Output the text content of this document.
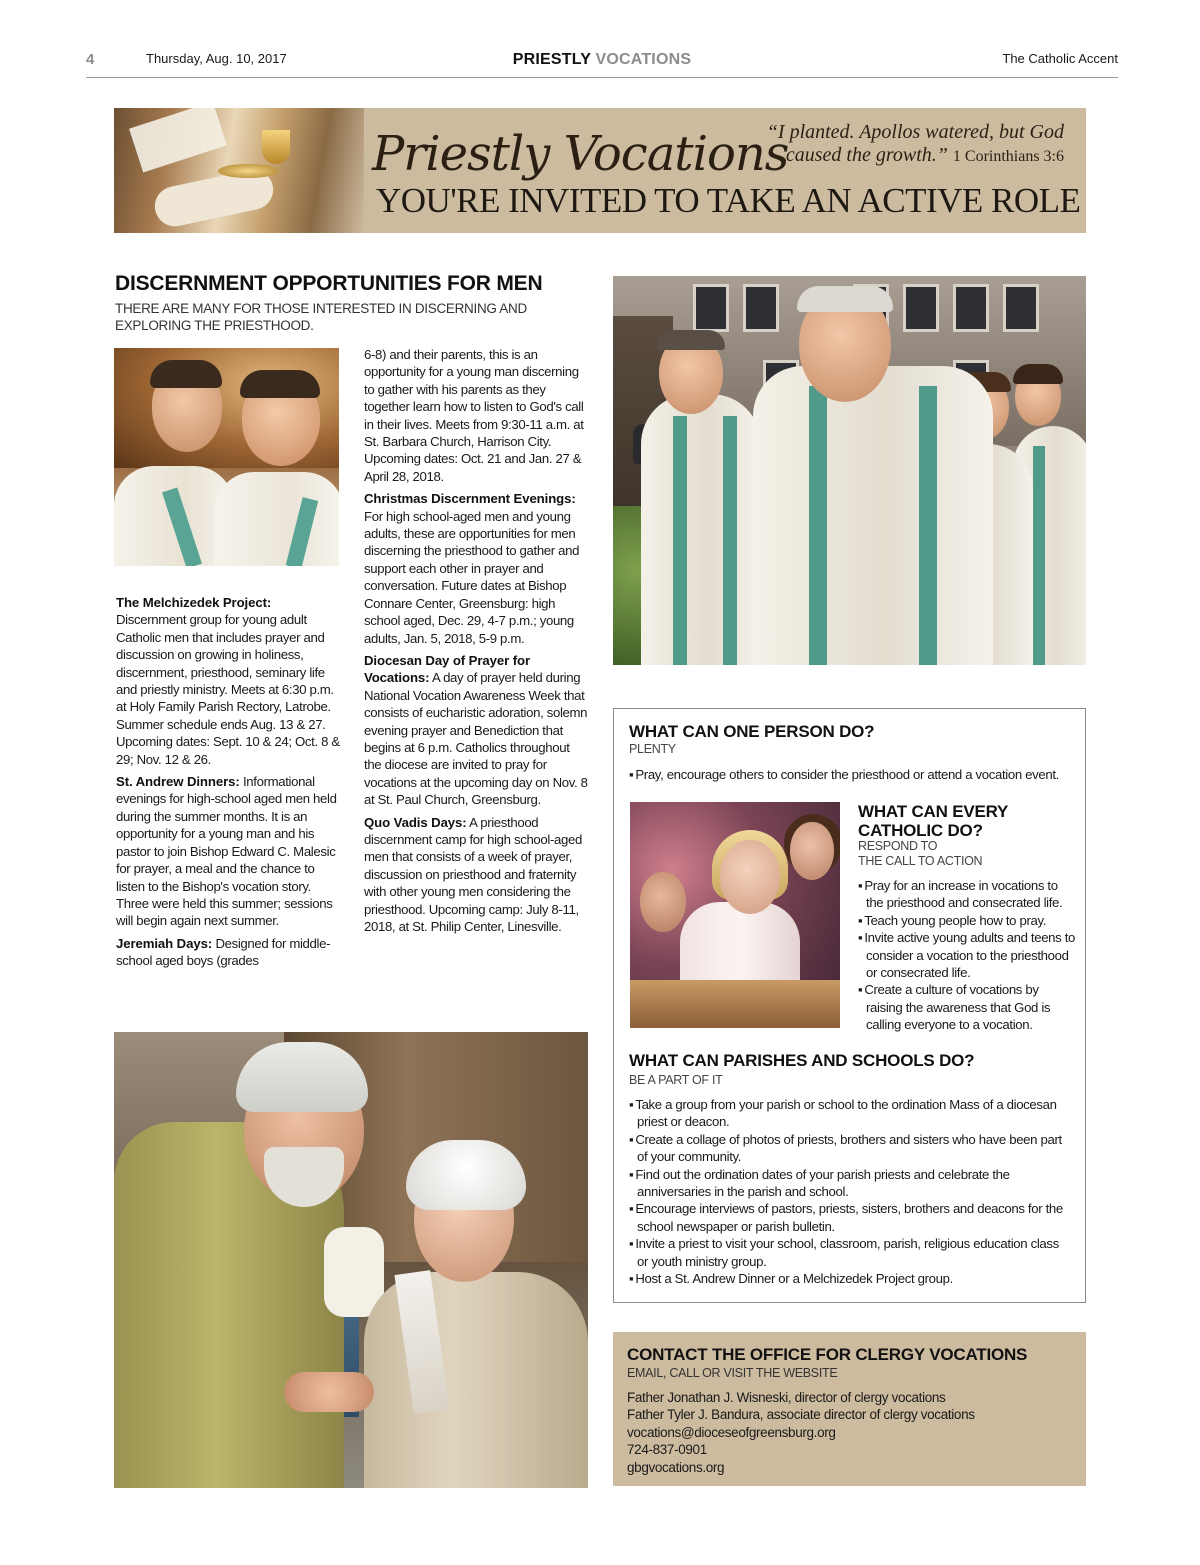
4	Thursday, Aug. 10, 2017	PRIESTLY VOCATIONS	The Catholic Accent
Priestly Vocations
YOU'RE INVITED TO TAKE AN ACTIVE ROLE
“I planted. Apollos watered, but God caused the growth.” 1 Corinthians 3:6
DISCERNMENT OPPORTUNITIES FOR MEN
THERE ARE MANY FOR THOSE INTERESTED IN DISCERNING AND EXPLORING THE PRIESTHOOD.

The Melchizedek Project:
Discernment group for young adult Catholic men that includes prayer and discussion on growing in holiness, discernment, priesthood, seminary life and priestly ministry. Meets at 6:30 p.m. at Holy Family Parish Rectory, Latrobe. Summer schedule ends Aug. 13 & 27. Upcoming dates: Sept. 10 & 24; Oct. 8 & 29; Nov. 12 & 26.

St. Andrew Dinners: Informational evenings for high-school aged men held during the summer months. It is an opportunity for a young man and his pastor to join Bishop Edward C. Malesic for prayer, a meal and the chance to listen to the Bishop's vocation story. Three were held this summer; sessions will begin again next summer.

Jeremiah Days: Designed for middle-school aged boys (grades

6-8) and their parents, this is an opportunity for a young man discerning to gather with his parents as they together learn how to listen to God's call in their lives. Meets from 9:30-11 a.m. at St. Barbara Church, Harrison City. Upcoming dates: Oct. 21 and Jan. 27 & April 28, 2018.

Christmas Discernment Evenings: For high school-aged men and young adults, these are opportunities for men discerning the priesthood to gather and support each other in prayer and conversation. Future dates at Bishop Connare Center, Greensburg: high school aged, Dec. 29, 4-7 p.m.; young adults, Jan. 5, 2018, 5-9 p.m.

Diocesan Day of Prayer for Vocations: A day of prayer held during National Vocation Awareness Week that consists of eucharistic adoration, solemn evening prayer and Benediction that begins at 6 p.m. Catholics throughout the diocese are invited to pray for vocations at the upcoming day on Nov. 8 at St. Paul Church, Greensburg.

Quo Vadis Days: A priesthood discernment camp for high school-aged men that consists of a week of prayer, discussion on priesthood and fraternity with other young men considering the priesthood. Upcoming camp: July 8-11, 2018, at St. Philip Center, Linesville.

WHAT CAN ONE PERSON DO?
PLENTY
▪ Pray, encourage others to consider the priesthood or attend a vocation event.
WHAT CAN EVERY
CATHOLIC DO?
RESPOND TO
THE CALL TO ACTION
▪ Pray for an increase in vocations to the priesthood and consecrated life.
▪ Teach young people how to pray.
▪ Invite active young adults and teens to consider a vocation to the priesthood or consecrated life.
▪ Create a culture of vocations by raising the awareness that God is calling everyone to a vocation.
WHAT CAN PARISHES AND SCHOOLS DO?
BE A PART OF IT
▪ Take a group from your parish or school to the ordination Mass of a diocesan priest or deacon.
▪ Create a collage of photos of priests, brothers and sisters who have been part of your community.
▪ Find out the ordination dates of your parish priests and celebrate the anniversaries in the parish and school.
▪ Encourage interviews of pastors, priests, sisters, brothers and deacons for the school newspaper or parish bulletin.
▪ Invite a priest to visit your school, classroom, parish, religious education class or youth ministry group.
▪ Host a St. Andrew Dinner or a Melchizedek Project group.
CONTACT THE OFFICE FOR CLERGY VOCATIONS
EMAIL, CALL OR VISIT THE WEBSITE
Father Jonathan J. Wisneski, director of clergy vocations
Father Tyler J. Bandura, associate director of clergy vocations
vocations@dioceseofgreensburg.org
724-837-0901
gbgvocations.org
